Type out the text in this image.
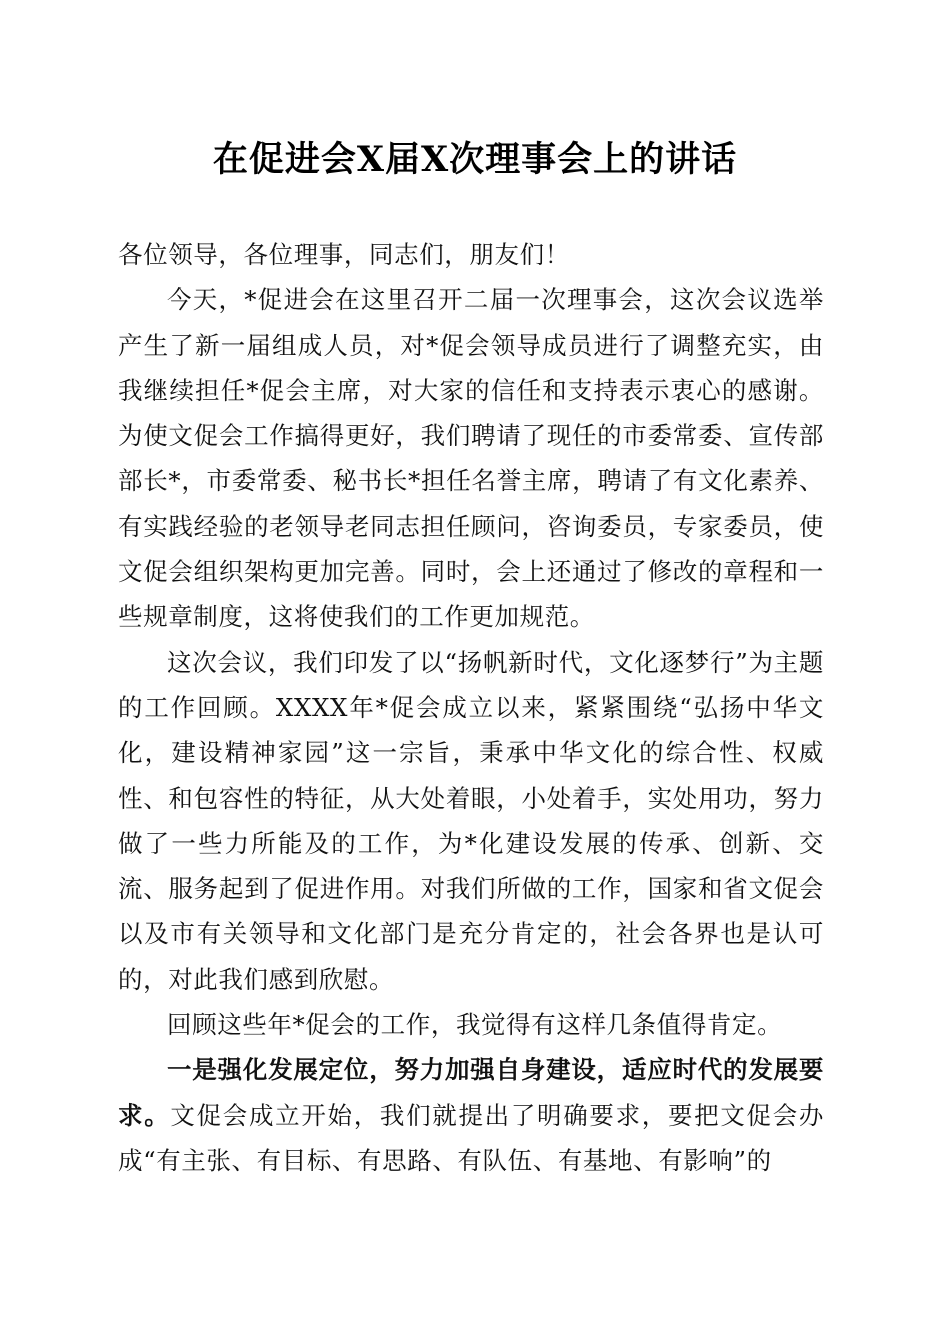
在促进会X届X次理事会上的讲话

各位领导，各位理事，同志们，朋友们！

今天，*促进会在这里召开二届一次理事会，这次会议选举产生了新一届组成人员，对*促会领导成员进行了调整充实，由我继续担任*促会主席，对大家的信任和支持表示衷心的感谢。为使文促会工作搞得更好，我们聘请了现任的市委常委、宣传部部长*，市委常委、秘书长*担任名誉主席，聘请了有文化素养、有实践经验的老领导老同志担任顾问，咨询委员，专家委员，使文促会组织架构更加完善。同时，会上还通过了修改的章程和一些规章制度，这将使我们的工作更加规范。

这次会议，我们印发了以“扬帆新时代，文化逐梦行”为主题的工作回顾。XXXX年*促会成立以来，紧紧围绕“弘扬中华文化，建设精神家园”这一宗旨，秉承中华文化的综合性、权威性、和包容性的特征，从大处着眼，小处着手，实处用功，努力做了一些力所能及的工作，为*化建设发展的传承、创新、交流、服务起到了促进作用。对我们所做的工作，国家和省文促会以及市有关领导和文化部门是充分肯定的，社会各界也是认可的，对此我们感到欣慰。

回顾这些年*促会的工作，我觉得有这样几条值得肯定。

一是强化发展定位，努力加强自身建设，适应时代的发展要求。文促会成立开始，我们就提出了明确要求，要把文促会办成“有主张、有目标、有思路、有队伍、有基地、有影响”的
